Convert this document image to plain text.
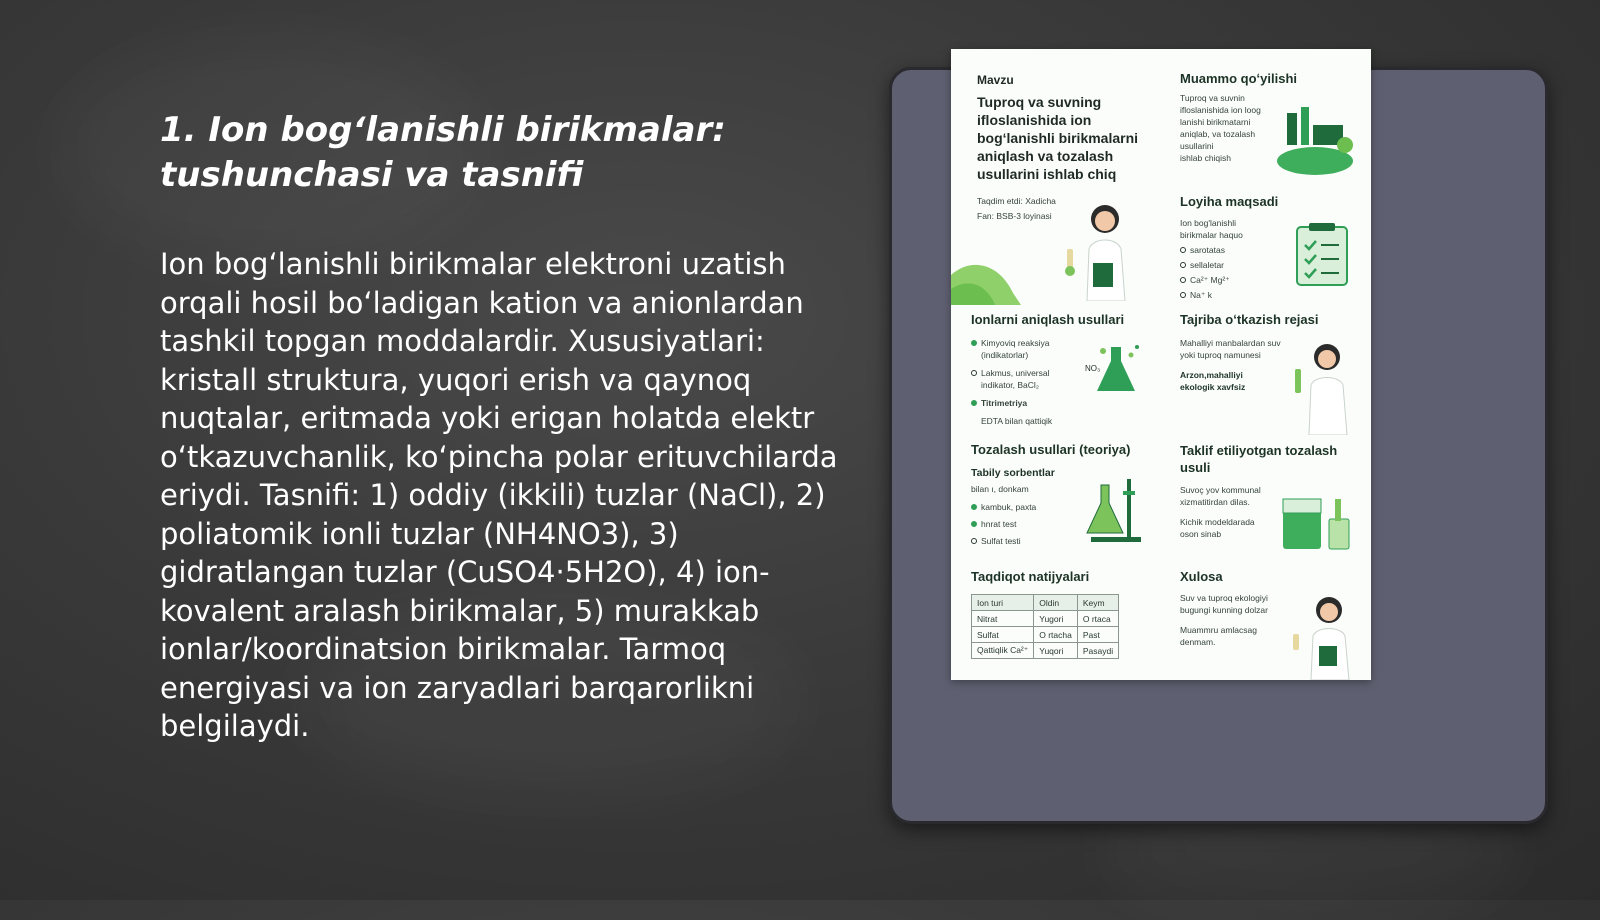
1. Ion bogʻlanishli birikmalar: tushunchasi va tasnifi
Ion bogʻlanishli birikmalar elektroni uzatish orqali hosil boʻladigan kation va anionlardan tashkil topgan moddalardir. Xususiyatlari: kristall struktura, yuqori erish va qaynoq nuqtalar, eritmada yoki erigan holatda elektr oʻtkazuvchanlik, koʻpincha polar erituvchilarda eriydi. Tasnifi: 1) oddiy (ikkili) tuzlar (NaCl), 2) poliatomik ionli tuzlar (NH4NO3), 3) gidratlangan tuzlar (CuSO4·5H2O), 4) ion-kovalent aralash birikmalar, 5) murakkab ionlar/koordinatsion birikmalar. Tarmoq energiyasi va ion zaryadlari barqarorlikni belgilaydi.
Mavzu
Tuproq va suvning ifloslanishida ion bogʻlanishli birikmalarni aniqlash va tozalash usullarini ishlab chiq
Taqdim etdi: Xadicha
Fan: BSB-3 loyinasi
Muammo qoʻyilishi
Tuproq va suvnin
ifloslanishida ion loog
lanishi birikmatarni
aniqlab, va tozalash
usullarini
ishlab chiqish
Loyiha maqsadi
Ion bog'lanishli
birikmalar haquo
sarotatas
sellaletar
Ca²⁺ Mg²⁺
Na⁺ k
Ionlarni aniqlash usullari
Kimyoviq reaksiya
(indikatorlar)
Lakmus, universal
indikator, BaCl₂
Titrimetriya
EDTA bilan qattiqik
NO₃
Tajriba oʻtkazish rejasi
Mahalliyi manbalardan suv
yoki tuproq namunesi
Arzon,mahalliyi
ekologik xavfsiz
Tozalash usullari (teoriya)
Tabily sorbentlar
bilan ı, donkam
kambuk, paxta
hnrat test
Sulfat testi
Taklif etiliyotgan tozalash usuli
Suvoç yov kommunal
xizmatitirdan dilas.
Kichik modeldarada
oson sinab
Taqdiqot natijyalari
Ion turi	Oldin	Keym
Nitrat	Yugori	O rtaca
Sulfat	O rtacha	Past
Qattiqlik Ca²⁺	Yuqori	Pasaydi
Xulosa
Suv va tuproq ekologiyi
bugungi kunning dolzar
Muammru amlacsag
denmam.
